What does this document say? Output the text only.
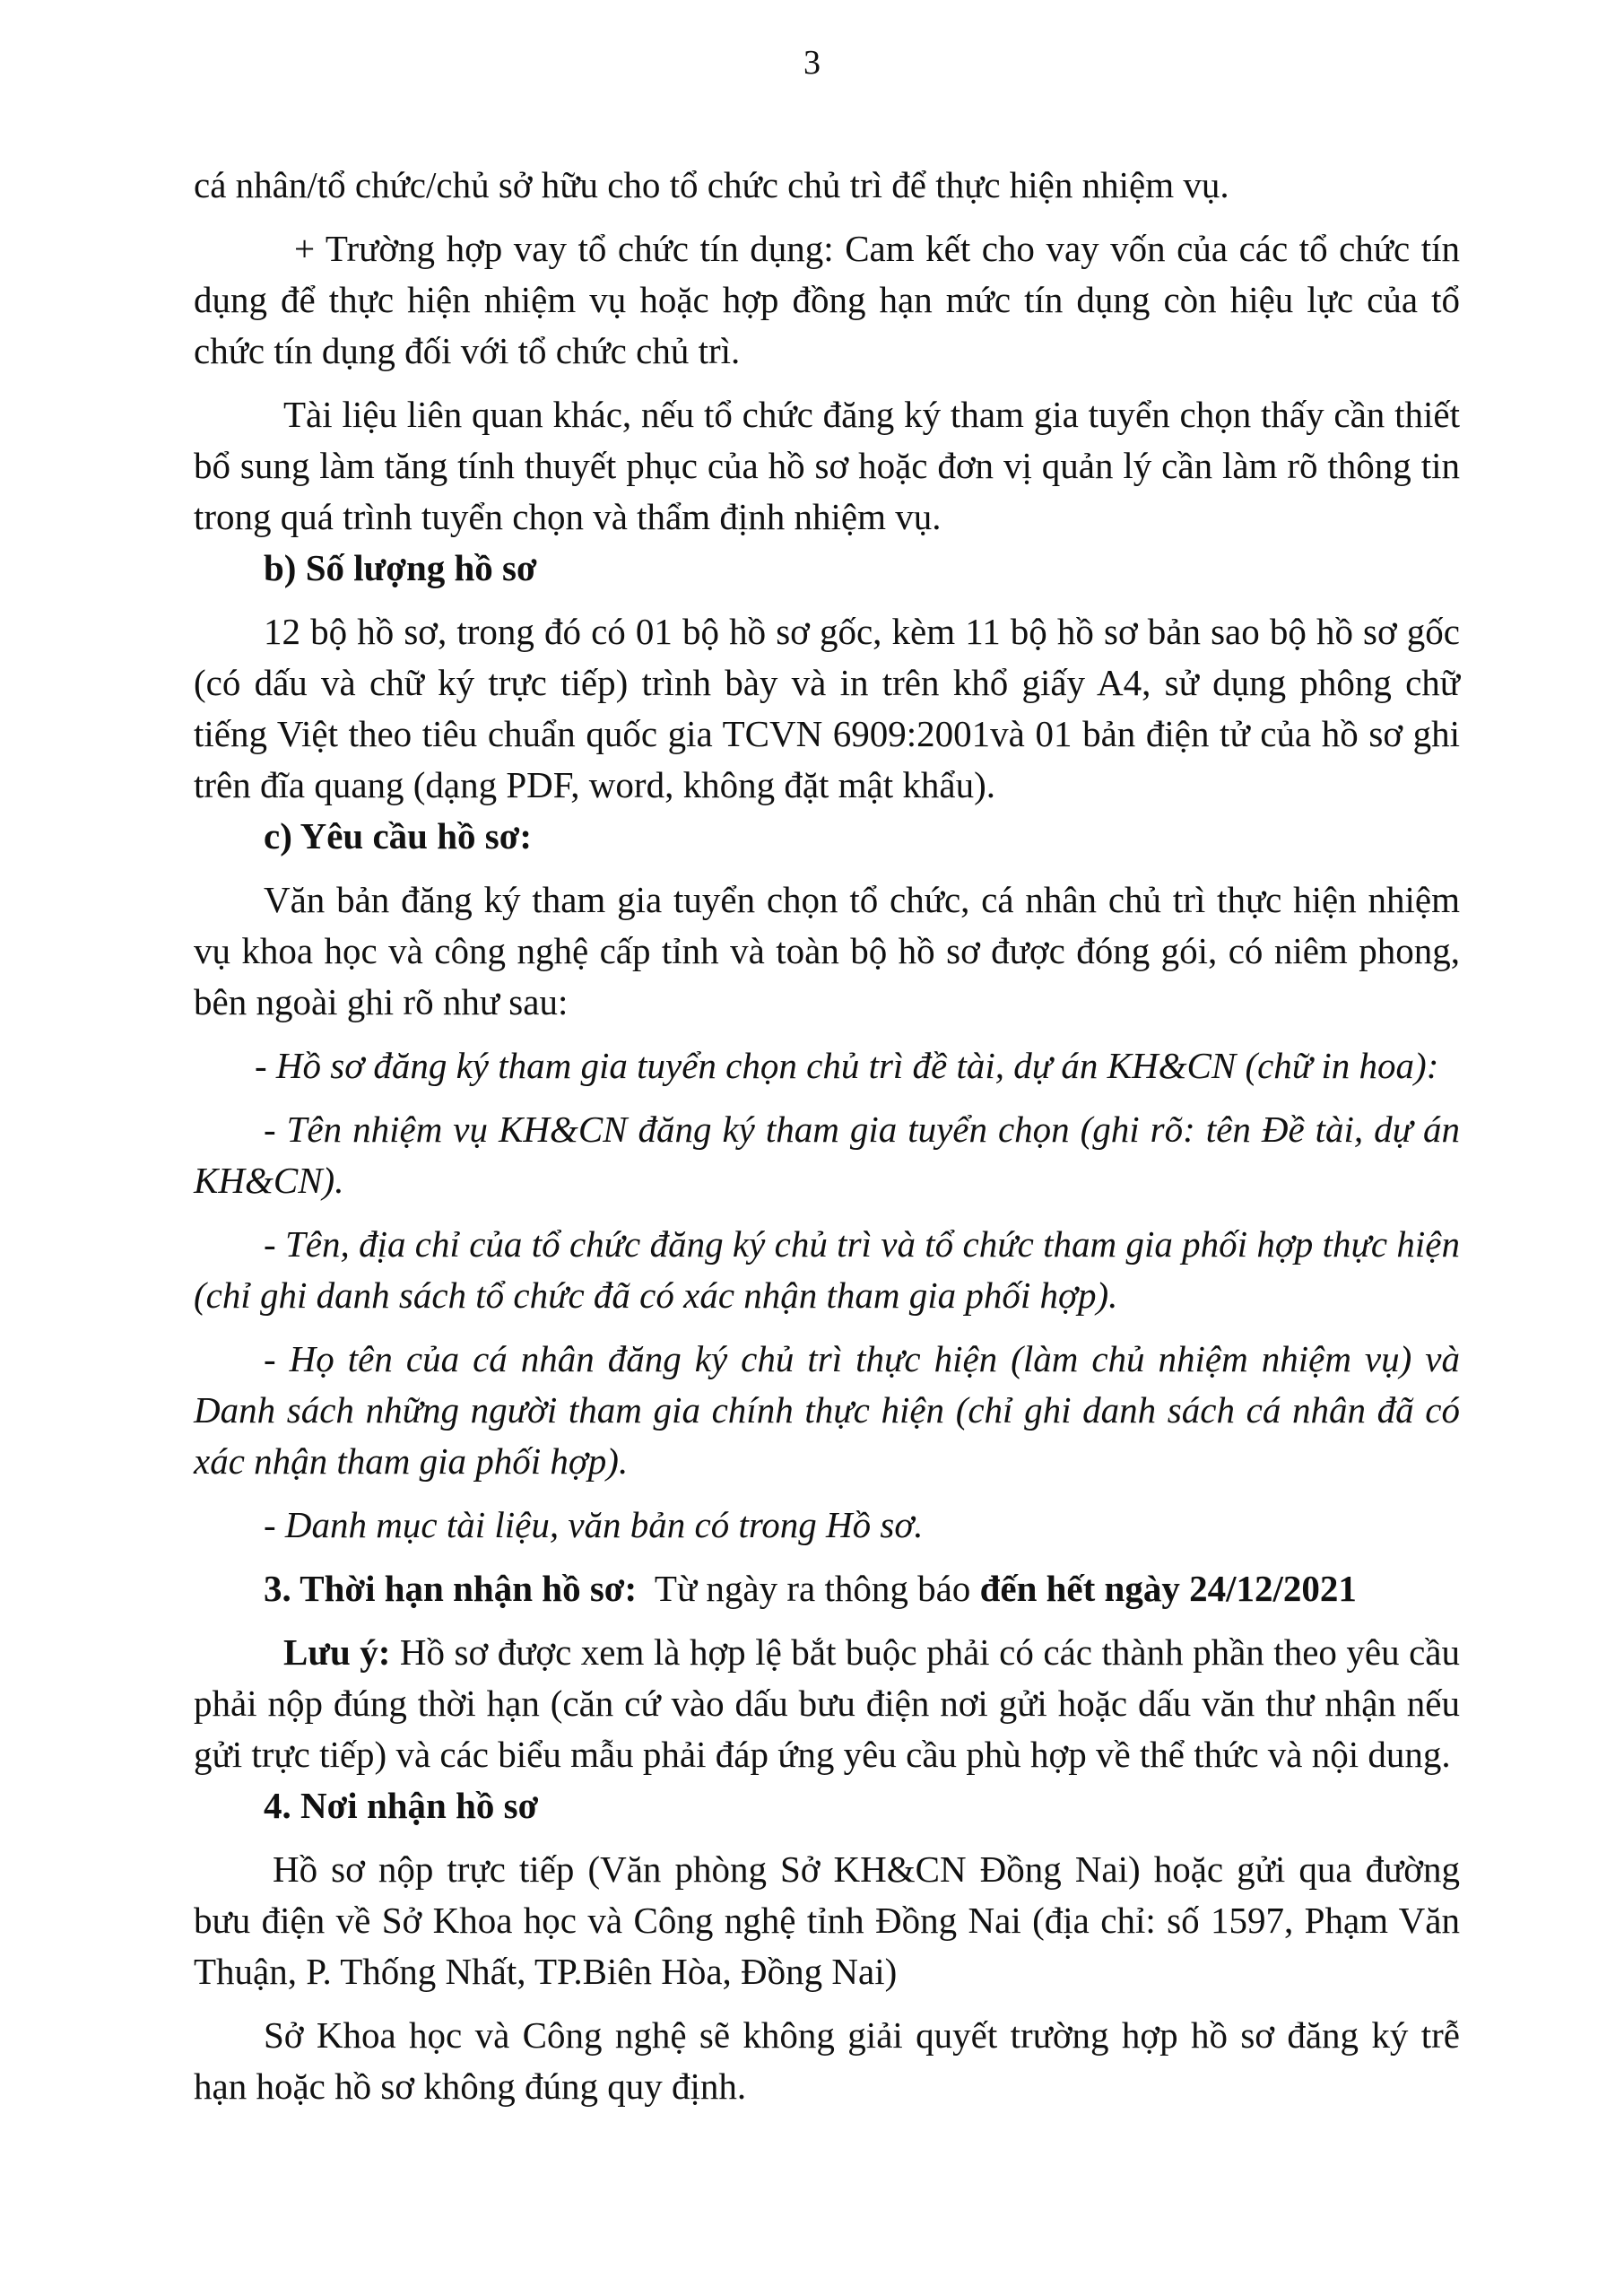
3

cá nhân/tổ chức/chủ sở hữu cho tổ chức chủ trì để thực hiện nhiệm vụ.

+ Trường hợp vay tổ chức tín dụng: Cam kết cho vay vốn của các tổ chức tín dụng để thực hiện nhiệm vụ hoặc hợp đồng hạn mức tín dụng còn hiệu lực của tổ chức tín dụng đối với tổ chức chủ trì.

Tài liệu liên quan khác, nếu tổ chức đăng ký tham gia tuyển chọn thấy cần thiết bổ sung làm tăng tính thuyết phục của hồ sơ hoặc đơn vị quản lý cần làm rõ thông tin trong quá trình tuyển chọn và thẩm định nhiệm vụ.

b) Số lượng hồ sơ

12 bộ hồ sơ, trong đó có 01 bộ hồ sơ gốc, kèm 11 bộ hồ sơ bản sao bộ hồ sơ gốc (có dấu và chữ ký trực tiếp) trình bày và in trên khổ giấy A4, sử dụng phông chữ tiếng Việt theo tiêu chuẩn quốc gia TCVN 6909:2001và 01 bản điện tử của hồ sơ ghi trên đĩa quang (dạng PDF, word, không đặt mật khẩu).

c) Yêu cầu hồ sơ:

Văn bản đăng ký tham gia tuyển chọn tổ chức, cá nhân chủ trì thực hiện nhiệm vụ khoa học và công nghệ cấp tỉnh và toàn bộ hồ sơ được đóng gói, có niêm phong, bên ngoài ghi rõ như sau:

- Hồ sơ đăng ký tham gia tuyển chọn chủ trì đề tài, dự án KH&CN (chữ in hoa):

- Tên nhiệm vụ KH&CN đăng ký tham gia tuyển chọn (ghi rõ: tên Đề tài, dự án KH&CN).

- Tên, địa chỉ của tổ chức đăng ký chủ trì và tổ chức tham gia phối hợp thực hiện (chỉ ghi danh sách tổ chức đã có xác nhận tham gia phối hợp).

- Họ tên của cá nhân đăng ký chủ trì thực hiện (làm chủ nhiệm nhiệm vụ) và Danh sách những người tham gia chính thực hiện (chỉ ghi danh sách cá nhân đã có xác nhận tham gia phối hợp).

- Danh mục tài liệu, văn bản có trong Hồ sơ.

3. Thời hạn nhận hồ sơ:  Từ ngày ra thông báo đến hết ngày 24/12/2021

Lưu ý: Hồ sơ được xem là hợp lệ bắt buộc phải có các thành phần theo yêu cầu phải nộp đúng thời hạn (căn cứ vào dấu bưu điện nơi gửi hoặc dấu văn thư nhận nếu gửi trực tiếp) và các biểu mẫu phải đáp ứng yêu cầu phù hợp về thể thức và nội dung.

4. Nơi nhận hồ sơ

Hồ sơ nộp trực tiếp (Văn phòng Sở KH&CN Đồng Nai) hoặc gửi qua đường bưu điện về Sở Khoa học và Công nghệ tỉnh Đồng Nai (địa chỉ: số 1597, Phạm Văn Thuận, P. Thống Nhất, TP.Biên Hòa, Đồng Nai)

Sở Khoa học và Công nghệ sẽ không giải quyết trường hợp hồ sơ đăng ký trễ hạn hoặc hồ sơ không đúng quy định.
